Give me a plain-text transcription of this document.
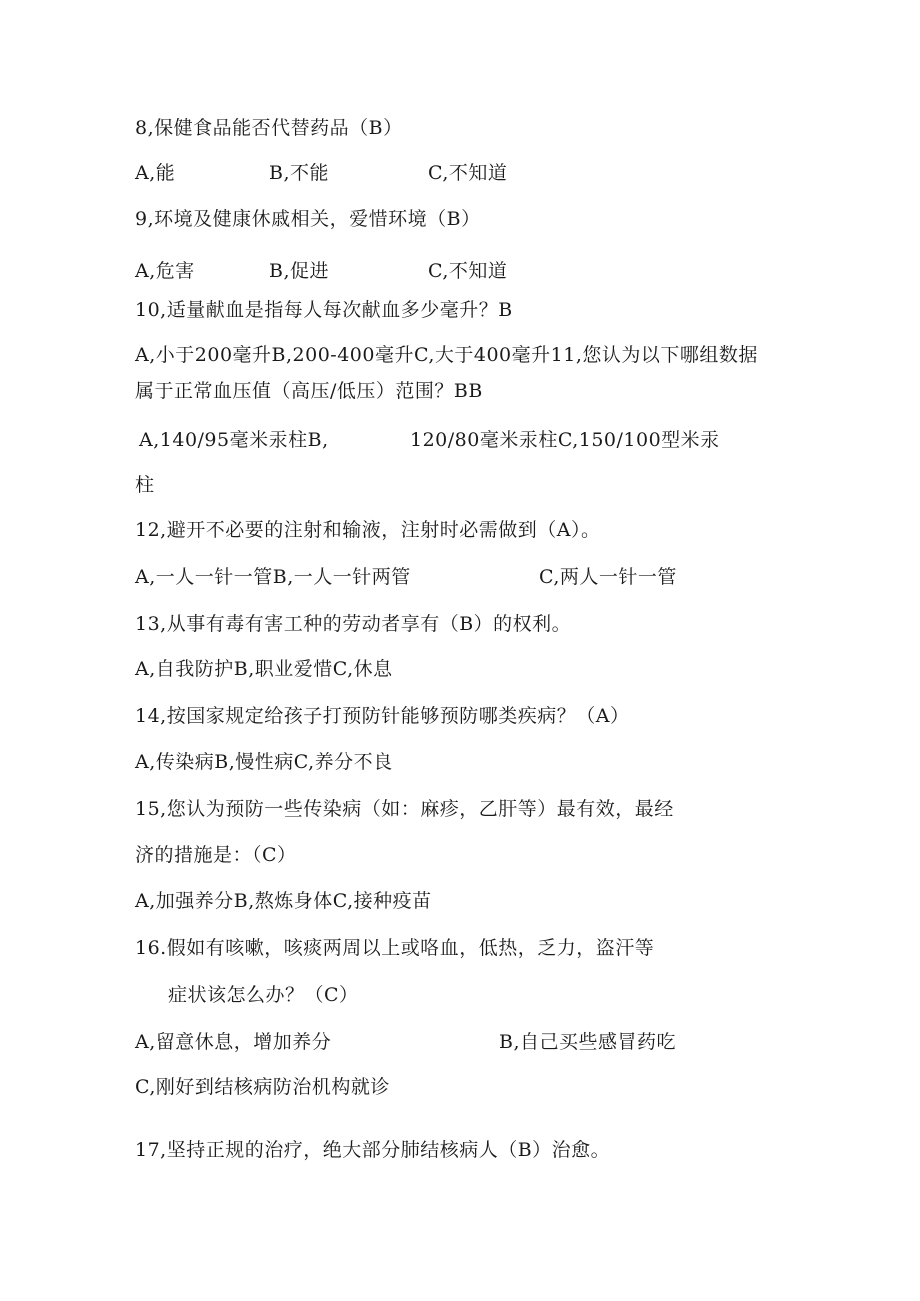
8,保健食品能否代替药品（B）
A,能	B,不能	C,不知道
9,环境及健康休戚相关，爱惜环境（B）
A,危害	B,促进	C,不知道
10,适量献血是指每人每次献血多少毫升？B
A,小于200毫升B,200-400毫升C,大于400毫升11,您认为以下哪组数据
属于正常血压值（高压/低压）范围？BB
A,140/95毫米汞柱B,	120/80毫米汞柱C,150/100型米汞
柱
12,避开不必要的注射和输液，注射时必需做到（A）。
A,一人一针一管B,一人一针两管	C,两人一针一管
13,从事有毒有害工种的劳动者享有（B）的权利。
A,自我防护B,职业爱惜C,休息
14,按国家规定给孩子打预防针能够预防哪类疾病？（A）
A,传染病B,慢性病C,养分不良
15,您认为预防一些传染病（如：麻疹，乙肝等）最有效，最经
济的措施是：（C）
A,加强养分B,熬炼身体C,接种疫苗
16.假如有咳嗽，咳痰两周以上或咯血，低热，乏力，盗汗等
症状该怎么办？（C）
A,留意休息，增加养分	B,自己买些感冒药吃
C,刚好到结核病防治机构就诊
17,坚持正规的治疗，绝大部分肺结核病人（B）治愈。
